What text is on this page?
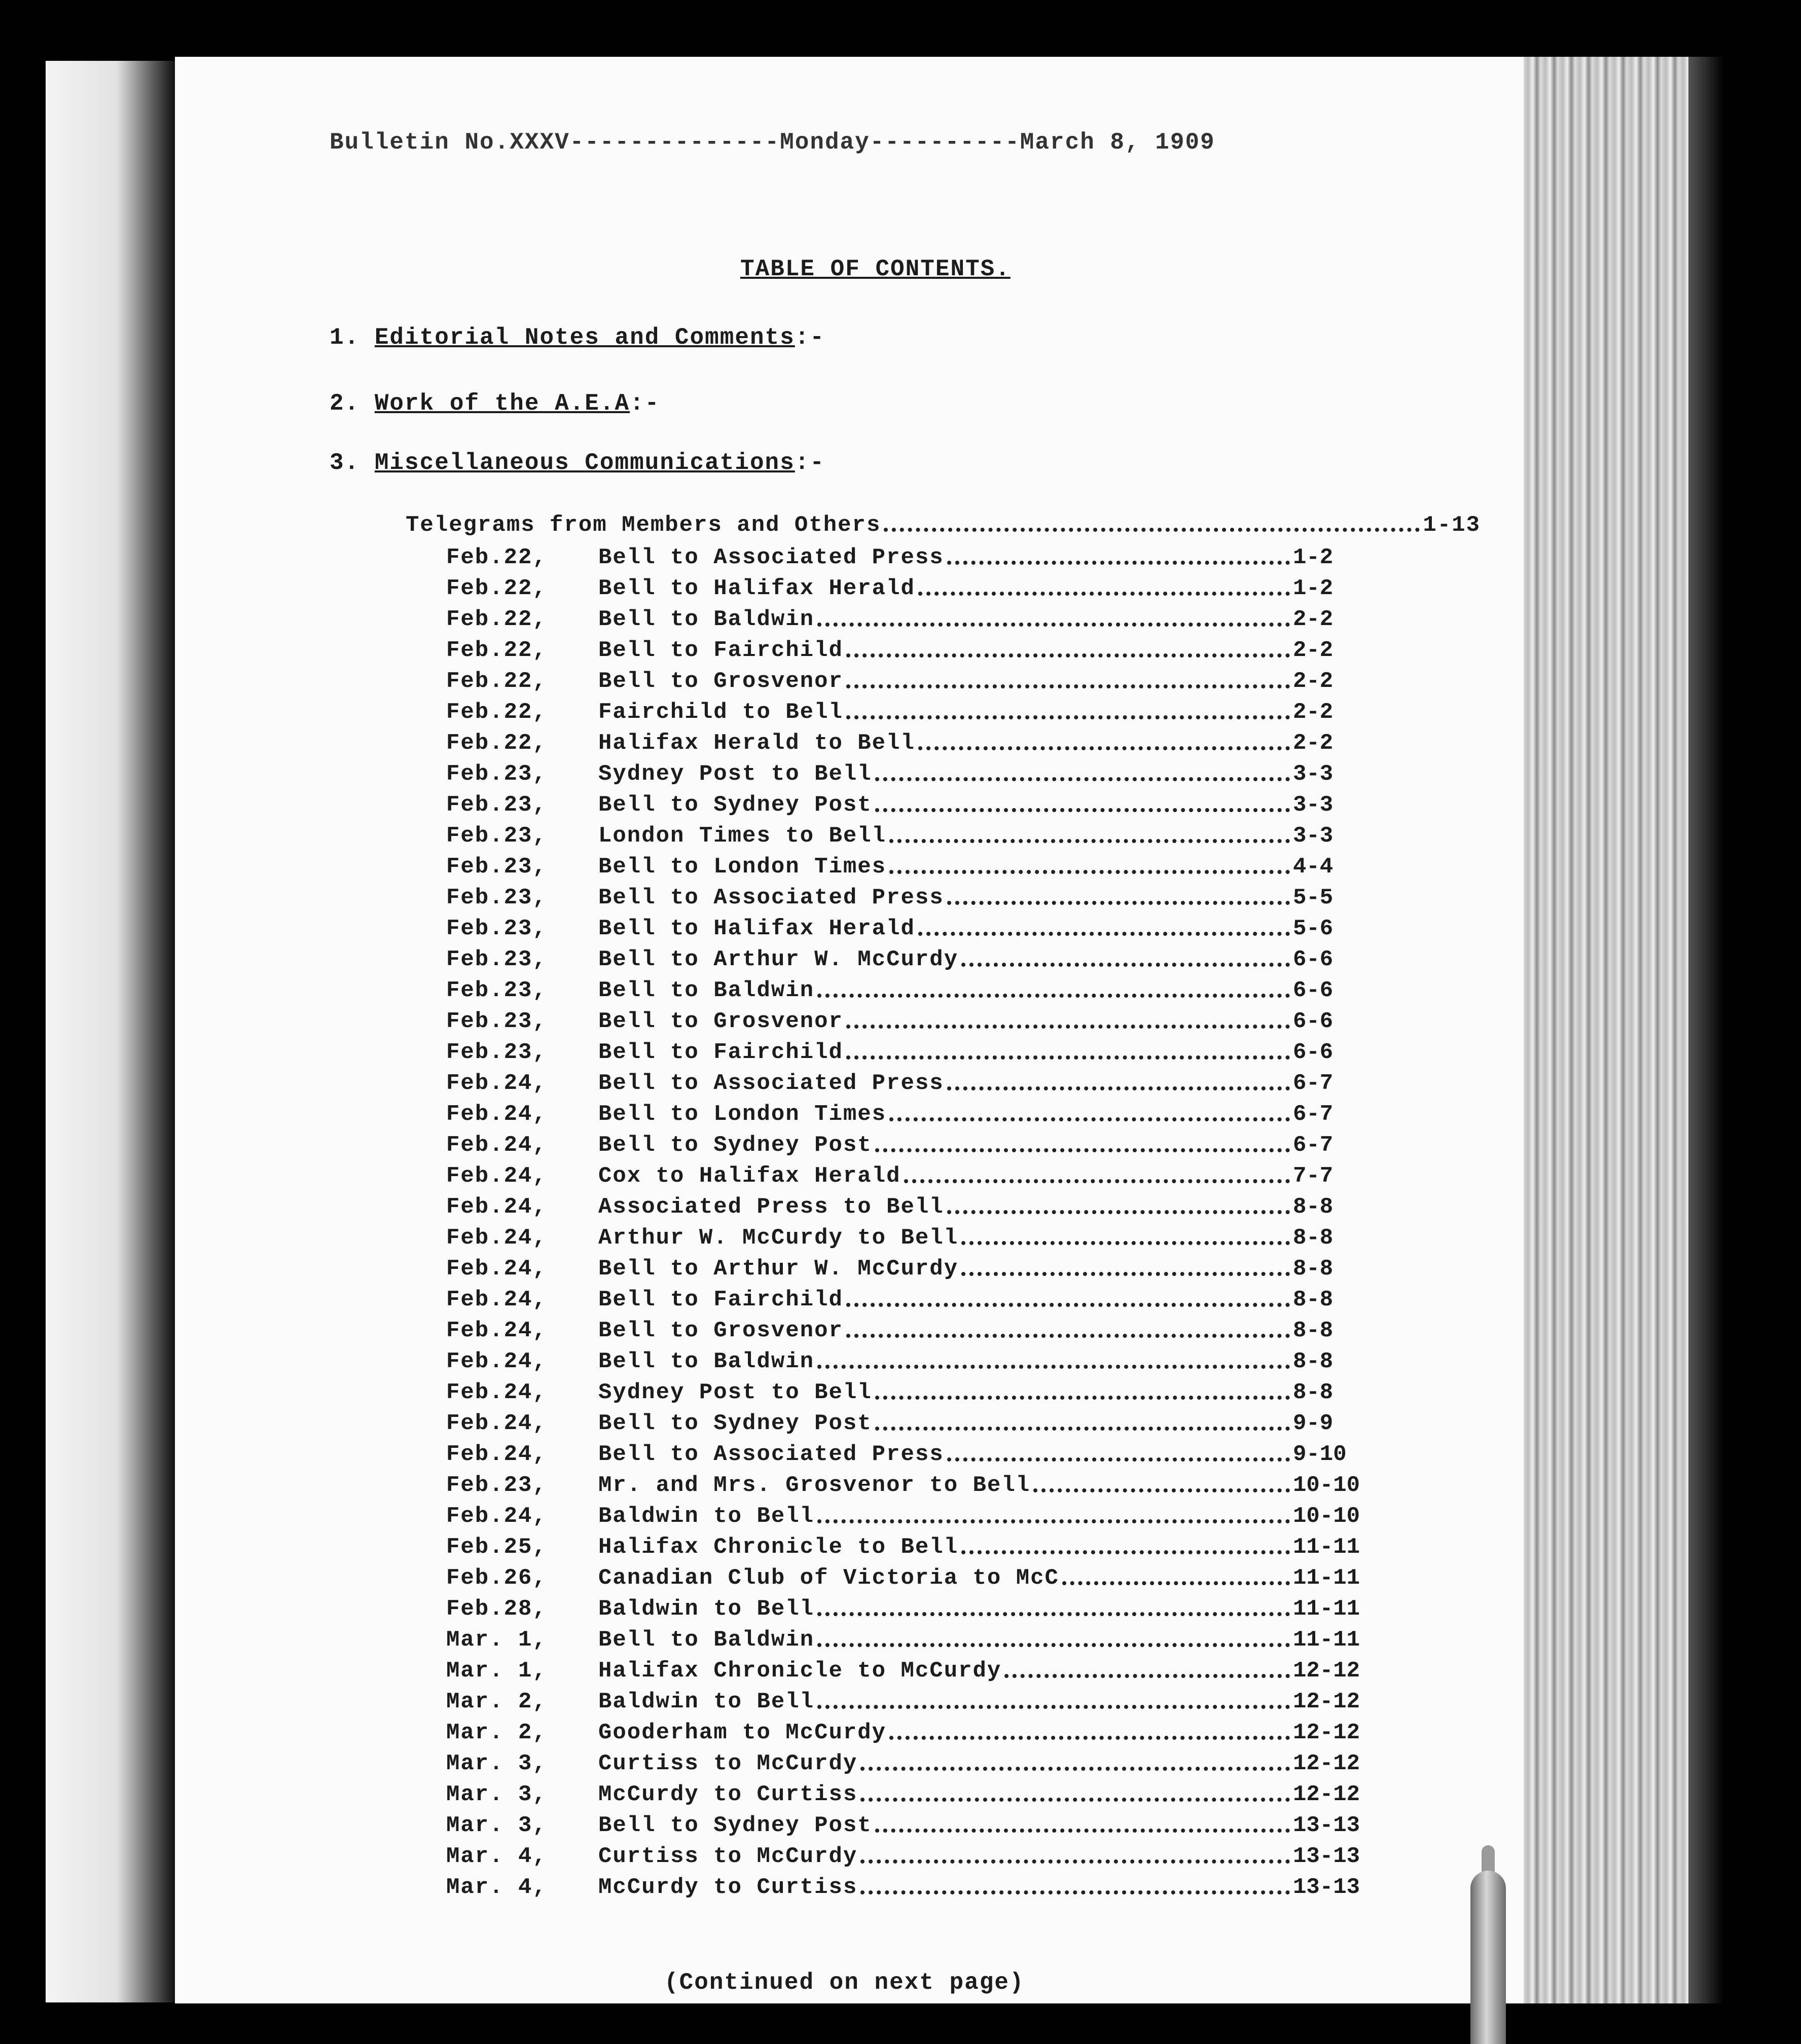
Bulletin No.XXXV--------------Monday----------March 8, 1909
TABLE OF CONTENTS.
1. Editorial Notes and Comments:-
2. Work of the A.E.A:-
3. Miscellaneous Communications:-
Telegrams from Members and Others	1-13
Feb.22,	Bell to Associated Press	1-2
Feb.22,	Bell to Halifax Herald	1-2
Feb.22,	Bell to Baldwin	2-2
Feb.22,	Bell to Fairchild	2-2
Feb.22,	Bell to Grosvenor	2-2
Feb.22,	Fairchild to Bell	2-2
Feb.22,	Halifax Herald to Bell	2-2
Feb.23,	Sydney Post to Bell	3-3
Feb.23,	Bell to Sydney Post	3-3
Feb.23,	London Times to Bell	3-3
Feb.23,	Bell to London Times	4-4
Feb.23,	Bell to Associated Press	5-5
Feb.23,	Bell to Halifax Herald	5-6
Feb.23,	Bell to Arthur W. McCurdy	6-6
Feb.23,	Bell to Baldwin	6-6
Feb.23,	Bell to Grosvenor	6-6
Feb.23,	Bell to Fairchild	6-6
Feb.24,	Bell to Associated Press	6-7
Feb.24,	Bell to London Times	6-7
Feb.24,	Bell to Sydney Post	6-7
Feb.24,	Cox to Halifax Herald	7-7
Feb.24,	Associated Press to Bell	8-8
Feb.24,	Arthur W. McCurdy to Bell	8-8
Feb.24,	Bell to Arthur W. McCurdy	8-8
Feb.24,	Bell to Fairchild	8-8
Feb.24,	Bell to Grosvenor	8-8
Feb.24,	Bell to Baldwin	8-8
Feb.24,	Sydney Post to Bell	8-8
Feb.24,	Bell to Sydney Post	9-9
Feb.24,	Bell to Associated Press	9-10
Feb.23,	Mr. and Mrs. Grosvenor to Bell	10-10
Feb.24,	Baldwin to Bell	10-10
Feb.25,	Halifax Chronicle to Bell	11-11
Feb.26,	Canadian Club of Victoria to McC	11-11
Feb.28,	Baldwin to Bell	11-11
Mar. 1,	Bell to Baldwin	11-11
Mar. 1,	Halifax Chronicle to McCurdy	12-12
Mar. 2,	Baldwin to Bell	12-12
Mar. 2,	Gooderham to McCurdy	12-12
Mar. 3,	Curtiss to McCurdy	12-12
Mar. 3,	McCurdy to Curtiss	12-12
Mar. 3,	Bell to Sydney Post	13-13
Mar. 4,	Curtiss to McCurdy	13-13
Mar. 4,	McCurdy to Curtiss	13-13
(Continued on next page)
